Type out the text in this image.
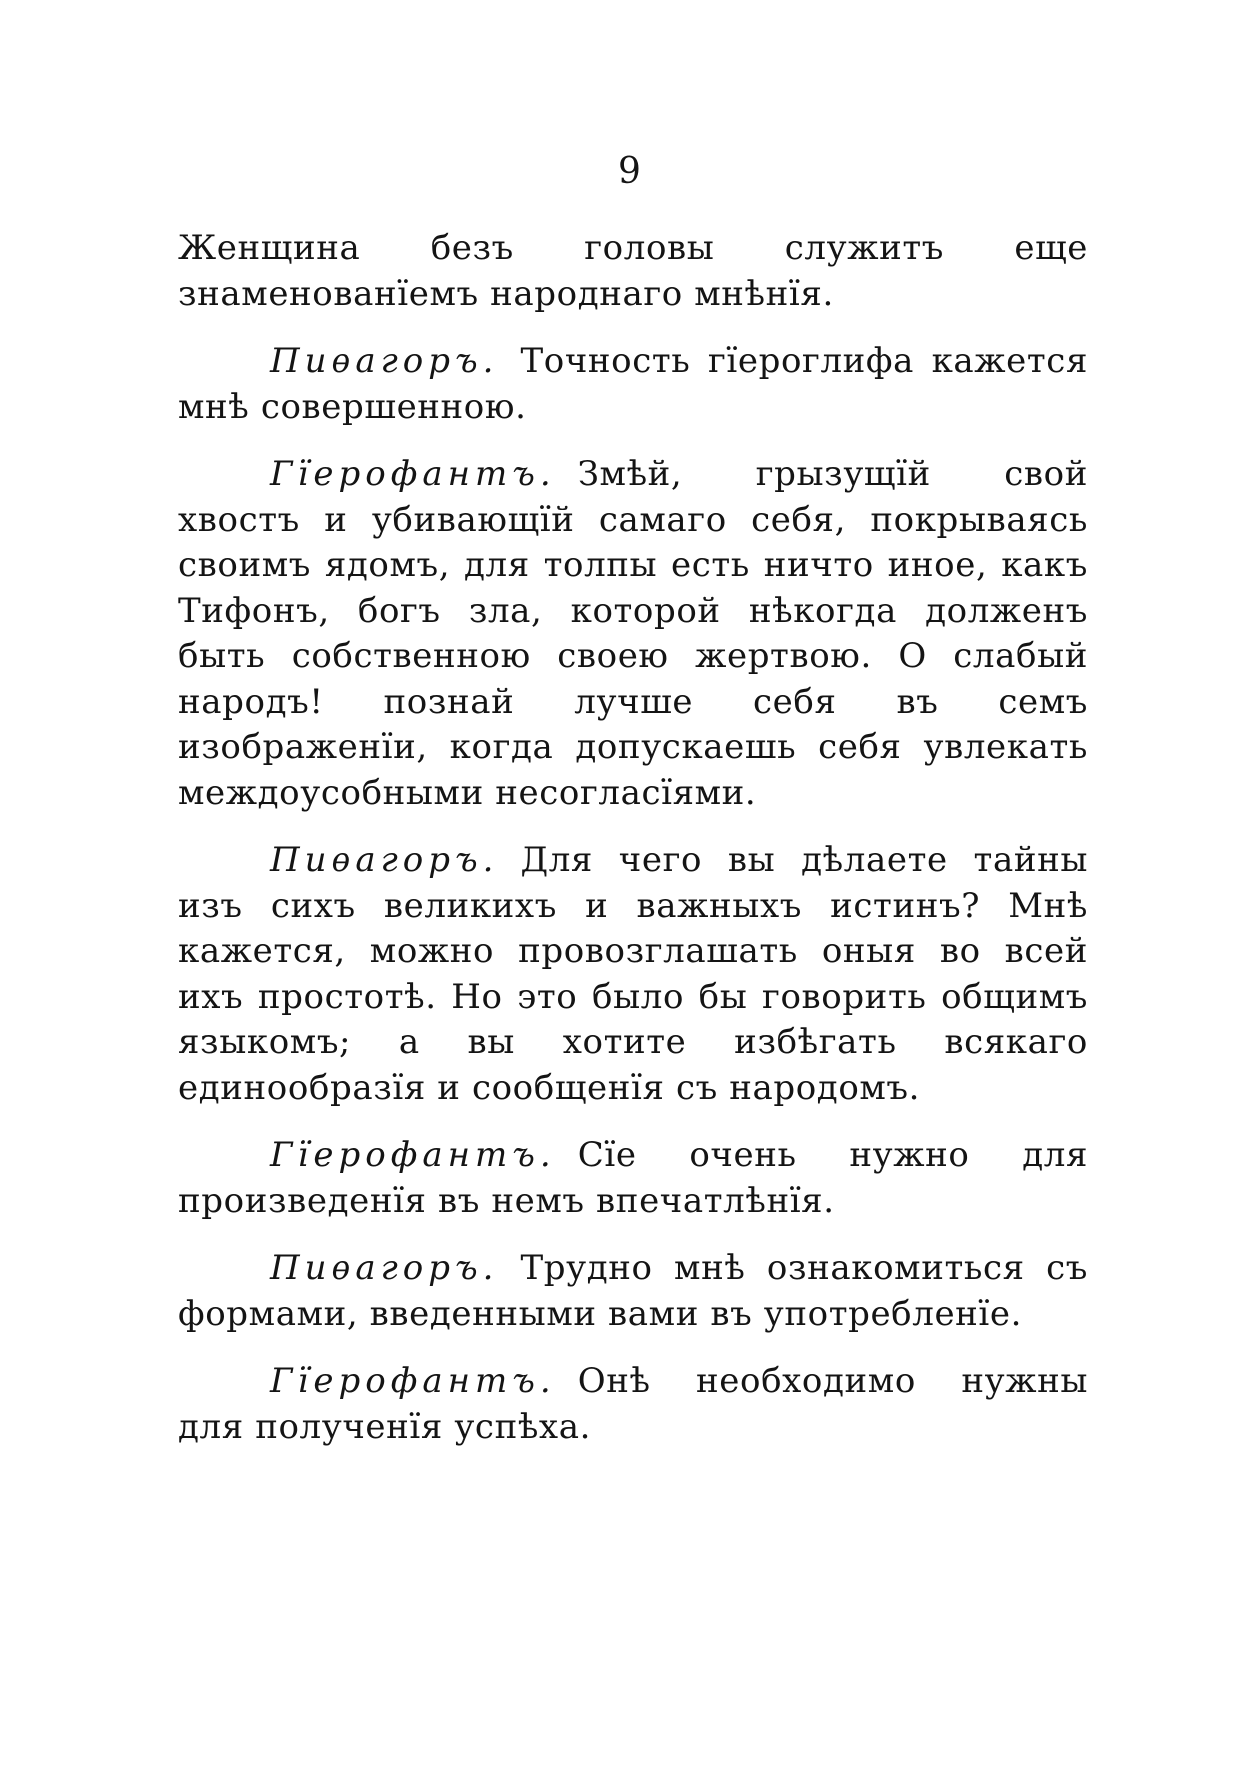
9

Женщина безъ головы служитъ еще знаменованїемъ народнаго мнѣнїя.

Пиѳагоръ. Точность гїероглифа кажется мнѣ совершенною.

Гїерофантъ. Змѣй, грызущїй свой хвостъ и убивающїй самаго себя, покрываясь своимъ ядомъ, для толпы есть ничто иное, какъ Тифонъ, богъ зла, которой нѣкогда долженъ быть собственною своею жертвою. О слабый народъ! познай лучше себя въ семъ изображенїи, когда допускаешь себя увлекать междоусобными несогласїями.

Пиѳагоръ. Для чего вы дѣлаете тайны изъ сихъ великихъ и важныхъ истинъ? Мнѣ кажется, можно провозглашать оныя во всей ихъ простотѣ. Но это было бы говорить общимъ языкомъ; а вы хотите избѣгать всякаго единообразїя и сообщенїя съ народомъ.

Гїерофантъ. Сїе очень нужно для произведенїя въ немъ впечатлѣнїя.

Пиѳагоръ. Трудно мнѣ ознакомиться съ формами, введенными вами въ употребленїе.

Гїерофантъ. Онѣ необходимо нужны для полученїя успѣха.
